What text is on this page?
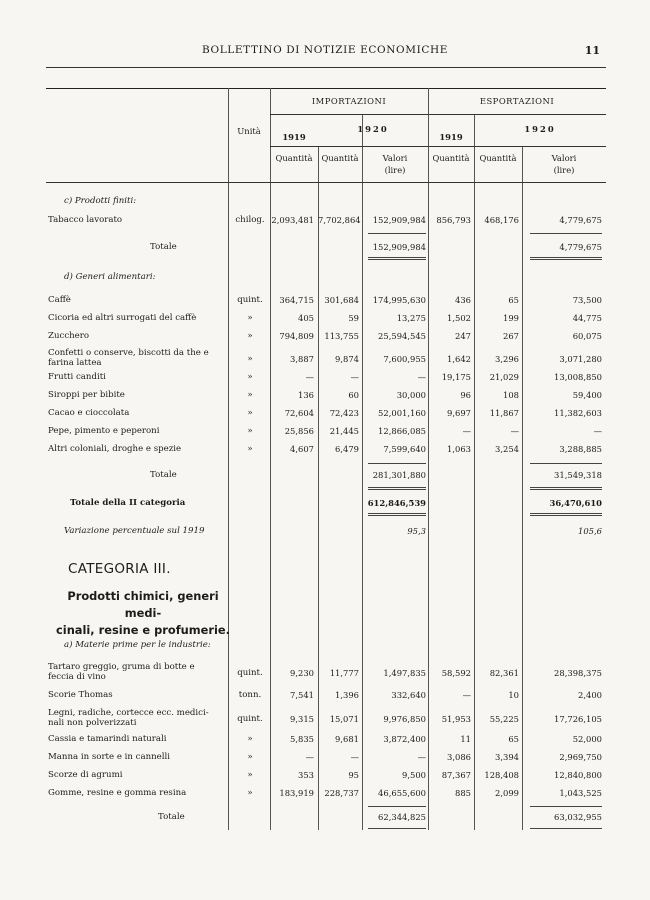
BOLLETTINO DI NOTIZIE ECONOMICHE	11
Unità
IMPORTAZIONI	ESPORTAZIONI
1919
1920
1919
1920
Quantità	Quantità	Valori
(lire)
Quantità	Quantità	Valori
(lire)
c) Prodotti finiti:
Tabacco lavorato	chilog. 2,093,481 7,702,864	152,909,984	856,793	468,176	4,779,675
Totale	152,909,984	4,779,675
d) Generi alimentari:
Caffè	quint.	364,715	301,684	174,995,630	436	65	73,500
Cicoria ed altri surrogati del caffè	»	405	59	13,275	1,502	199	44,775
Zucchero	»	794,809	113,755	25,594,545	247	267	60,075
Confetti o conserve, biscotti da the e
farina lattea	»	3,887	9,874	7,600,955	1,642	3,296	3,071,280
Frutti canditi	»	—	—	—	19,175	21,029	13,008,850
Siroppi per bibite	»	136	60	30,000	96	108	59,400
Cacao e cioccolata	»	72,604	72,423	52,001,160	9,697	11,867	11,382,603
Pepe, pimento e peperoni	»	25,856	21,445	12,866,085	—	—	—
Altri coloniali, droghe e spezie	»	4,607	6,479	7,599,640	1,063	3,254	3,288,885
Totale	281,301,880	31,549,318
Totale della II categoria	612,846,539	36,470,610
Variazione percentuale sul 1919	95,3	105,6
a) Materie prime per le industrie:
Tartaro greggio, gruma di botte e
feccia di vino	quint.	9,230	11,777	1,497,835	58,592	82,361	28,398,375
Scorie Thomas	tonn.	7,541	1,396	332,640	—	10	2,400
Legni, radiche, cortecce ecc. medici-
nali non polverizzati	quint.	9,315	15,071	9,976,850	51,953	55,225	17,726,105
Cassia e tamarindi naturali	»	5,835	9,681	3,872,400	11	65	52,000
Manna in sorte e in cannelli	»	—	—	—	3,086	3,394	2,969,750
Scorze di agrumi	»	353	95	9,500	87,367	128,408	12,840,800
Gomme, resine e gomma resina	»	183,919	228,737	46,655,600	885	2,099	1,043,525
Totale	62,344,825	63,032,955
CATEGORIA III.
Prodotti chimici, generi medi-
cinali, resine e profumerie.
